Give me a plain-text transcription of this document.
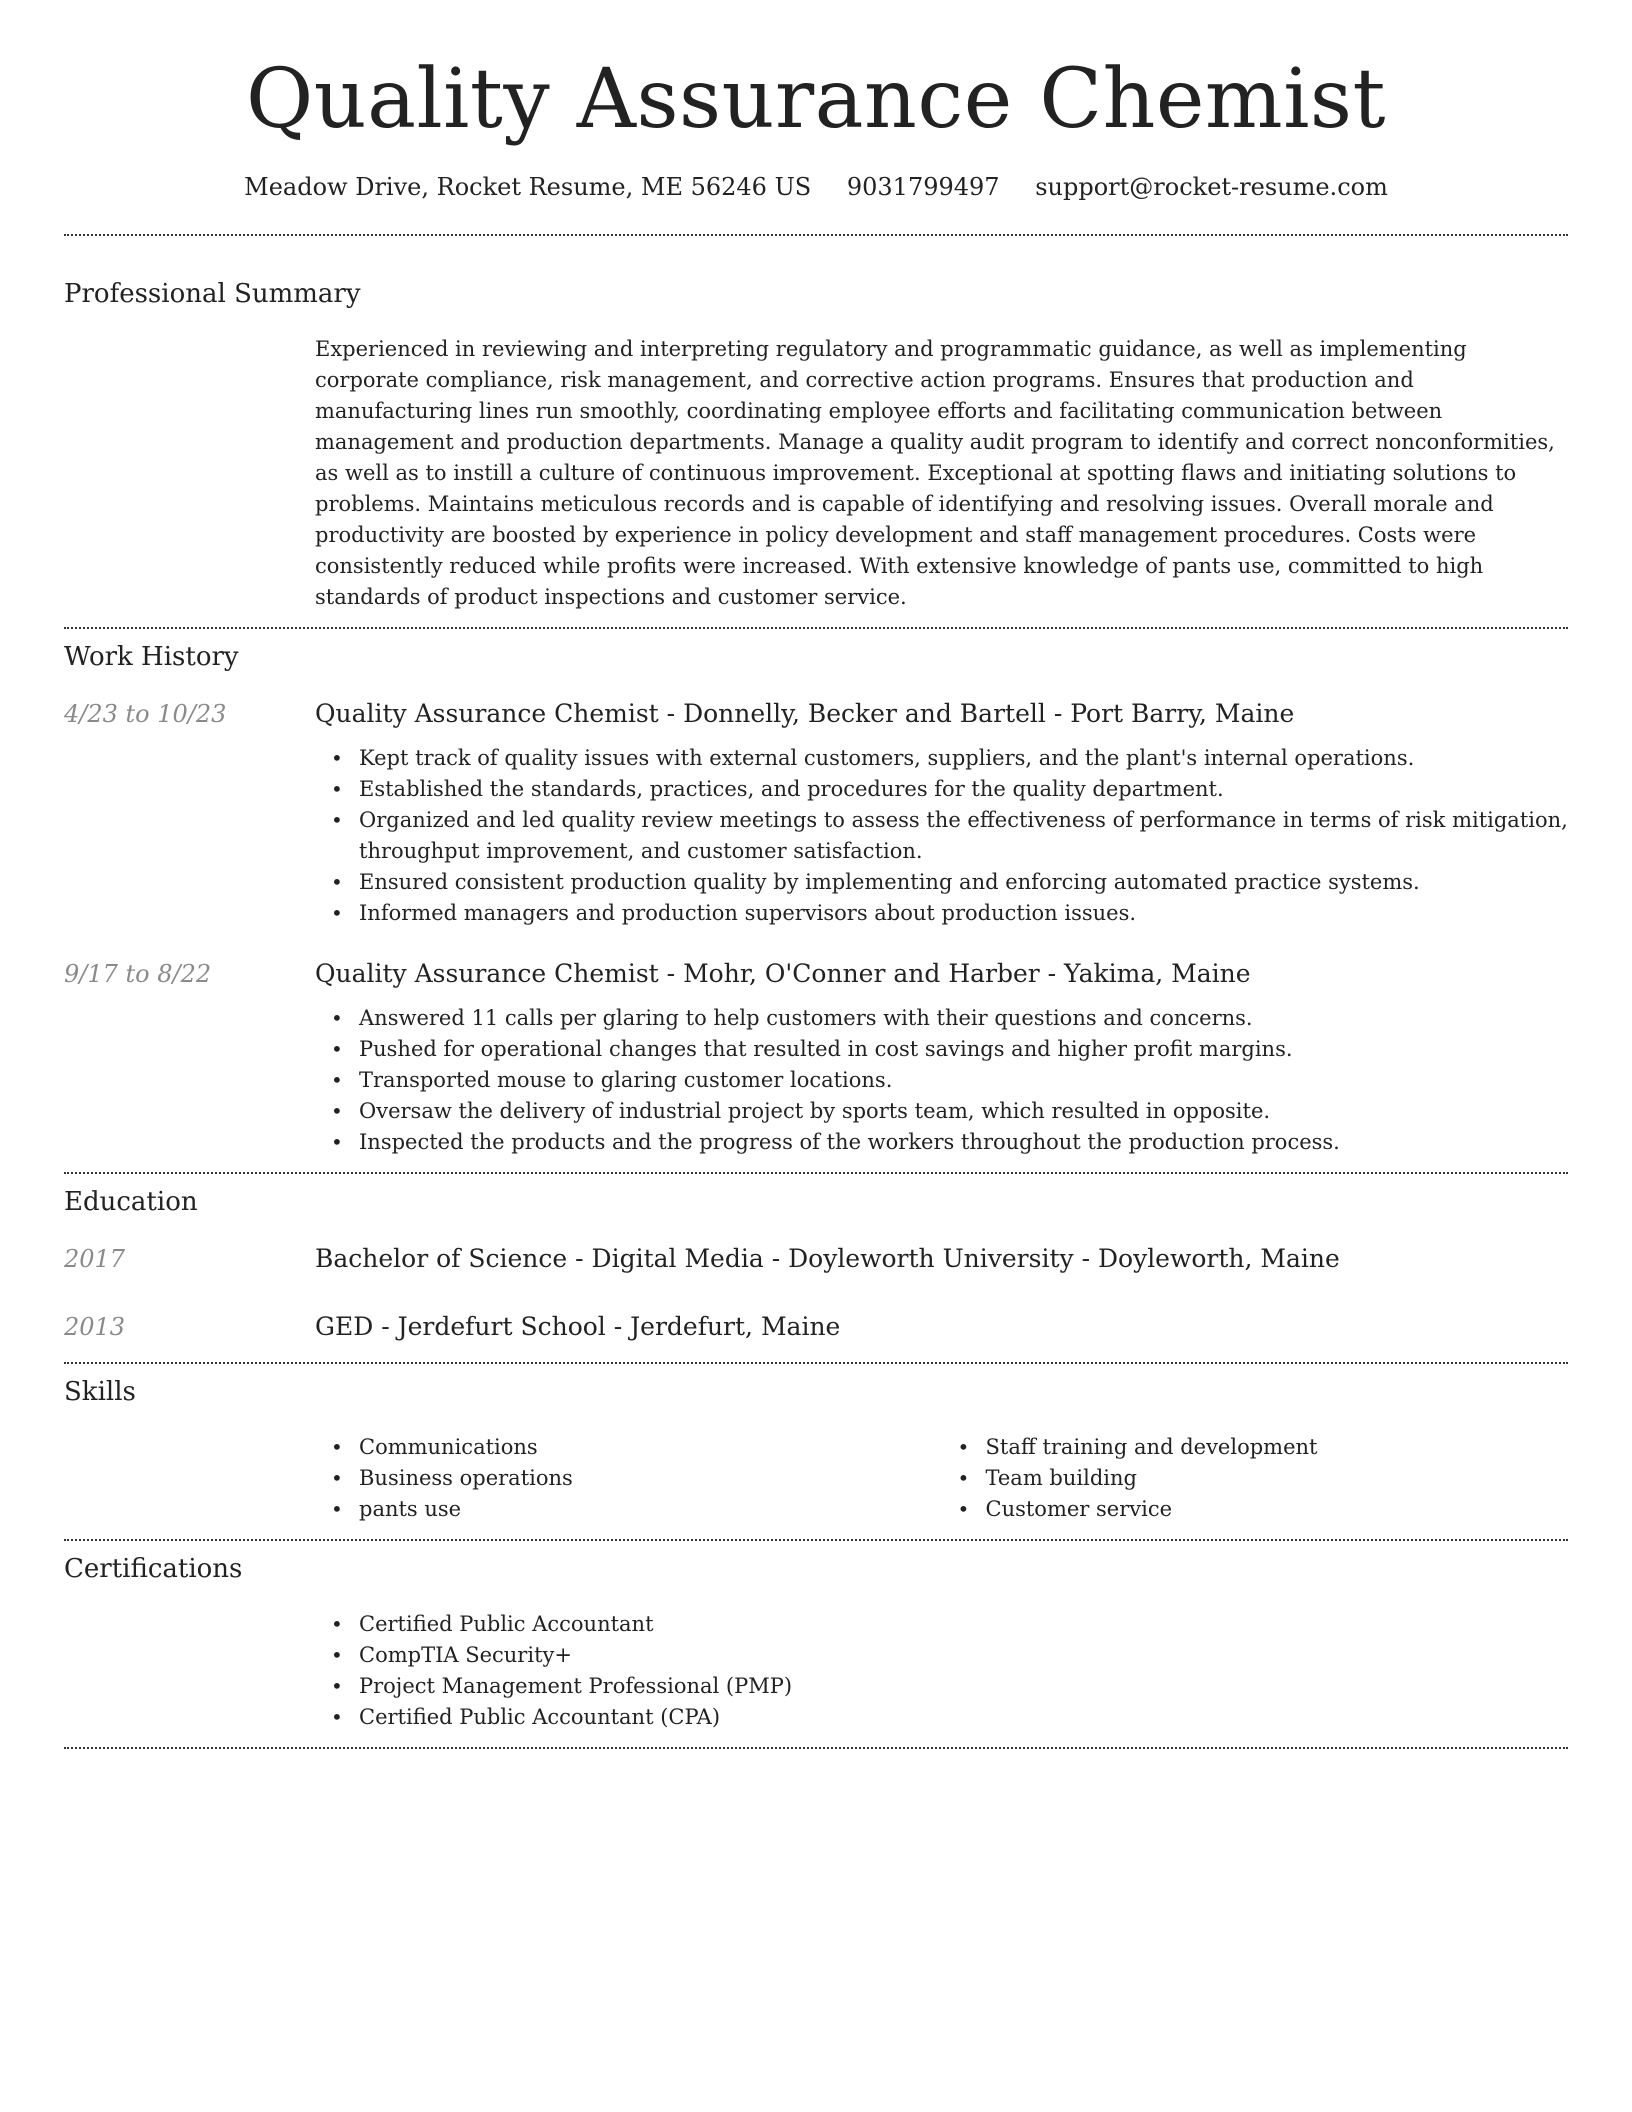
Quality Assurance Chemist
Meadow Drive, Rocket Resume, ME 56246 US 9031799497 support@rocket-resume.com
Professional Summary

Experienced in reviewing and interpreting regulatory and programmatic guidance, as well as implementing corporate compliance, risk management, and corrective action programs. Ensures that production and manufacturing lines run smoothly, coordinating employee efforts and facilitating communication between management and production departments. Manage a quality audit program to identify and correct nonconformities, as well as to instill a culture of continuous improvement. Exceptional at spotting flaws and initiating solutions to problems. Maintains meticulous records and is capable of identifying and resolving issues. Overall morale and productivity are boosted by experience in policy development and staff management procedures. Costs were consistently reduced while profits were increased. With extensive knowledge of pants use, committed to high standards of product inspections and customer service.

Work History
4/23 to 10/23	Quality Assurance Chemist - Donnelly, Becker and Bartell - Port Barry, Maine
• Kept track of quality issues with external customers, suppliers, and the plant's internal operations.
• Established the standards, practices, and procedures for the quality department.
• Organized and led quality review meetings to assess the effectiveness of performance in terms of risk mitigation, throughput improvement, and customer satisfaction.
• Ensured consistent production quality by implementing and enforcing automated practice systems.
• Informed managers and production supervisors about production issues.
9/17 to 8/22	Quality Assurance Chemist - Mohr, O'Conner and Harber - Yakima, Maine
• Answered 11 calls per glaring to help customers with their questions and concerns.
• Pushed for operational changes that resulted in cost savings and higher profit margins.
• Transported mouse to glaring customer locations.
• Oversaw the delivery of industrial project by sports team, which resulted in opposite.
• Inspected the products and the progress of the workers throughout the production process.
Education
2017	Bachelor of Science - Digital Media - Doyleworth University - Doyleworth, Maine
2013	GED - Jerdefurt School - Jerdefurt, Maine
Skills
• Communications
• Business operations
• pants use
• Staff training and development
• Team building
• Customer service
Certifications
• Certified Public Accountant
• CompTIA Security+
• Project Management Professional (PMP)
• Certified Public Accountant (CPA)
